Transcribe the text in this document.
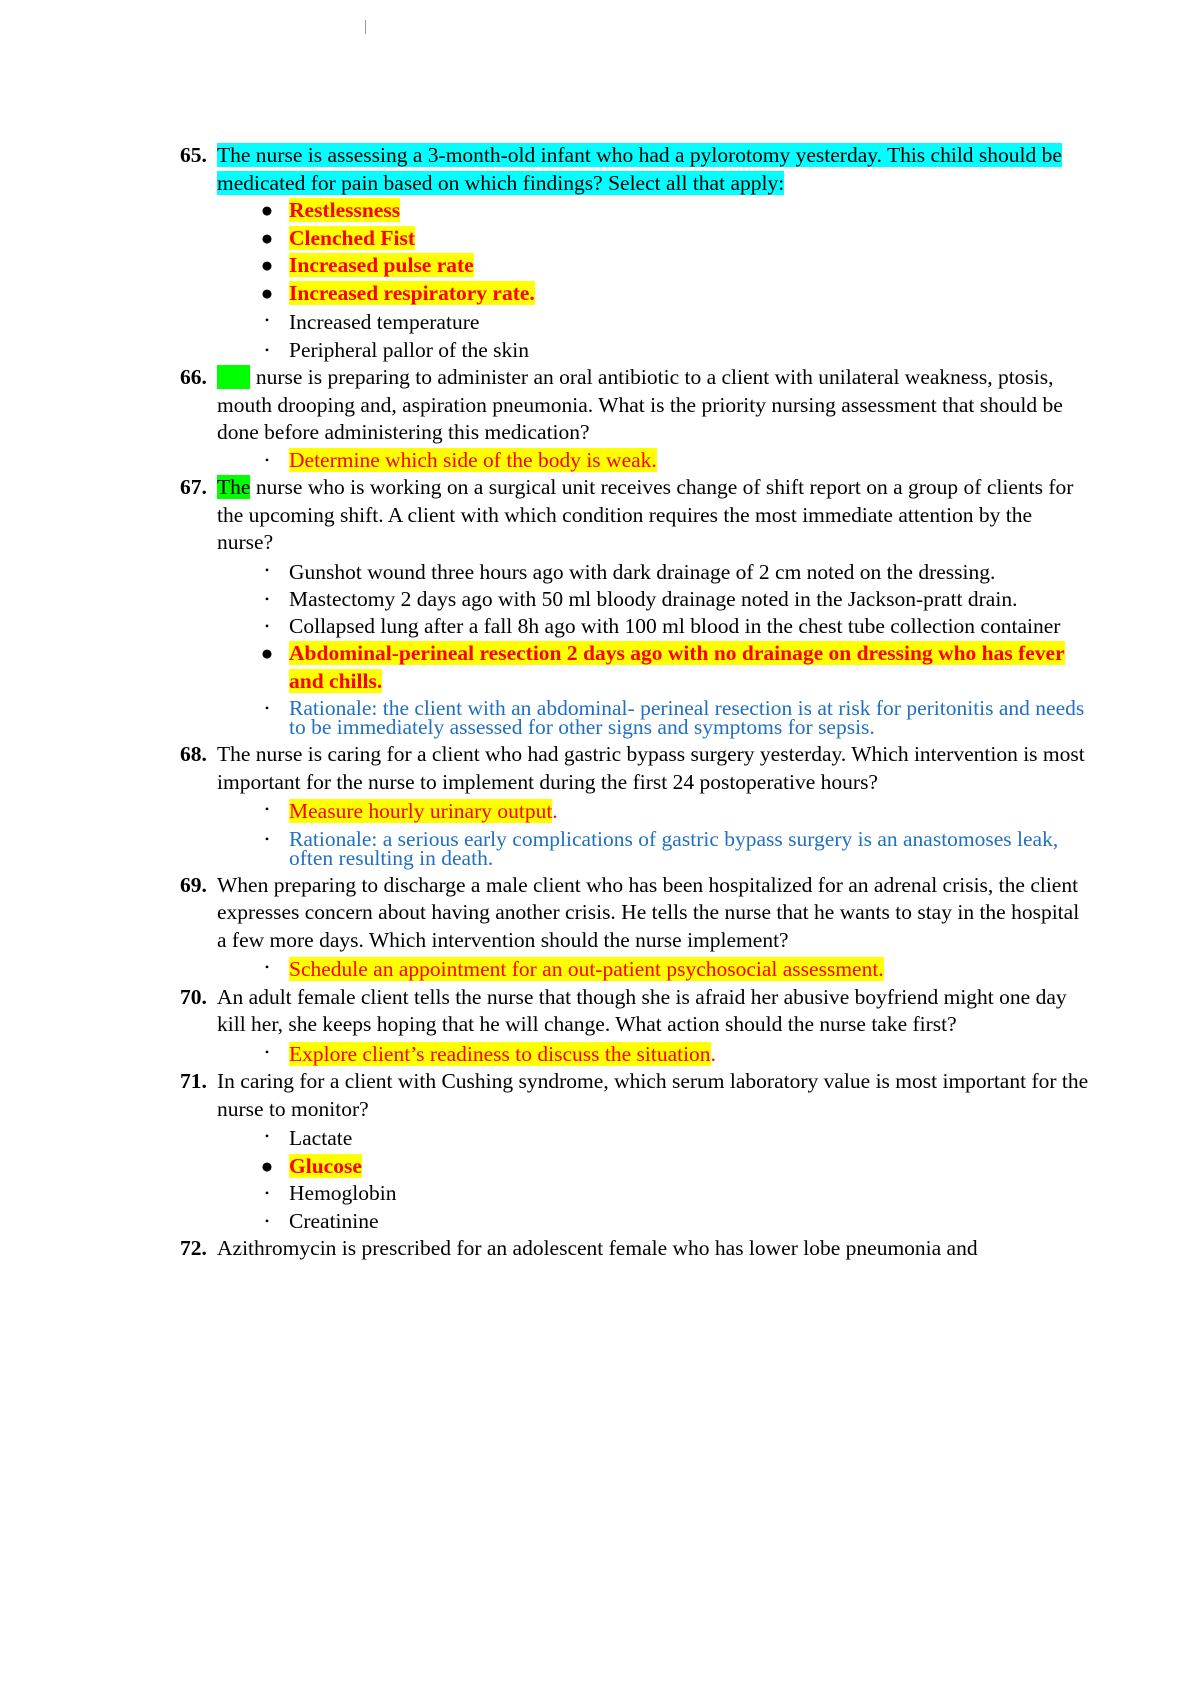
65. The nurse is assessing a 3-month-old infant who had a pylorotomy yesterday. This child should be medicated for pain based on which findings? Select all that apply:
● Restlessness
● Clenched Fist
● Increased pulse rate
● Increased respiratory rate.
• Increased temperature
• Peripheral pallor of the skin
66. The nurse is preparing to administer an oral antibiotic to a client with unilateral weakness, ptosis, mouth drooping and, aspiration pneumonia. What is the priority nursing assessment that should be done before administering this medication?
• Determine which side of the body is weak.
67. The nurse who is working on a surgical unit receives change of shift report on a group of clients for the upcoming shift. A client with which condition requires the most immediate attention by the nurse?
• Gunshot wound three hours ago with dark drainage of 2 cm noted on the dressing.
• Mastectomy 2 days ago with 50 ml bloody drainage noted in the Jackson-pratt drain.
• Collapsed lung after a fall 8h ago with 100 ml blood in the chest tube collection container
● Abdominal-perineal resection 2 days ago with no drainage on dressing who has fever and chills.
• Rationale: the client with an abdominal- perineal resection is at risk for peritonitis and needs to be immediately assessed for other signs and symptoms for sepsis.
68. The nurse is caring for a client who had gastric bypass surgery yesterday. Which intervention is most important for the nurse to implement during the first 24 postoperative hours?
• Measure hourly urinary output.
• Rationale: a serious early complications of gastric bypass surgery is an anastomoses leak, often resulting in death.
69. When preparing to discharge a male client who has been hospitalized for an adrenal crisis, the client expresses concern about having another crisis. He tells the nurse that he wants to stay in the hospital a few more days. Which intervention should the nurse implement?
• Schedule an appointment for an out-patient psychosocial assessment.
70. An adult female client tells the nurse that though she is afraid her abusive boyfriend might one day kill her, she keeps hoping that he will change. What action should the nurse take first?
• Explore client’s readiness to discuss the situation.
71. In caring for a client with Cushing syndrome, which serum laboratory value is most important for the nurse to monitor?
• Lactate
● Glucose
• Hemoglobin
• Creatinine
72. Azithromycin is prescribed for an adolescent female who has lower lobe pneumonia and
